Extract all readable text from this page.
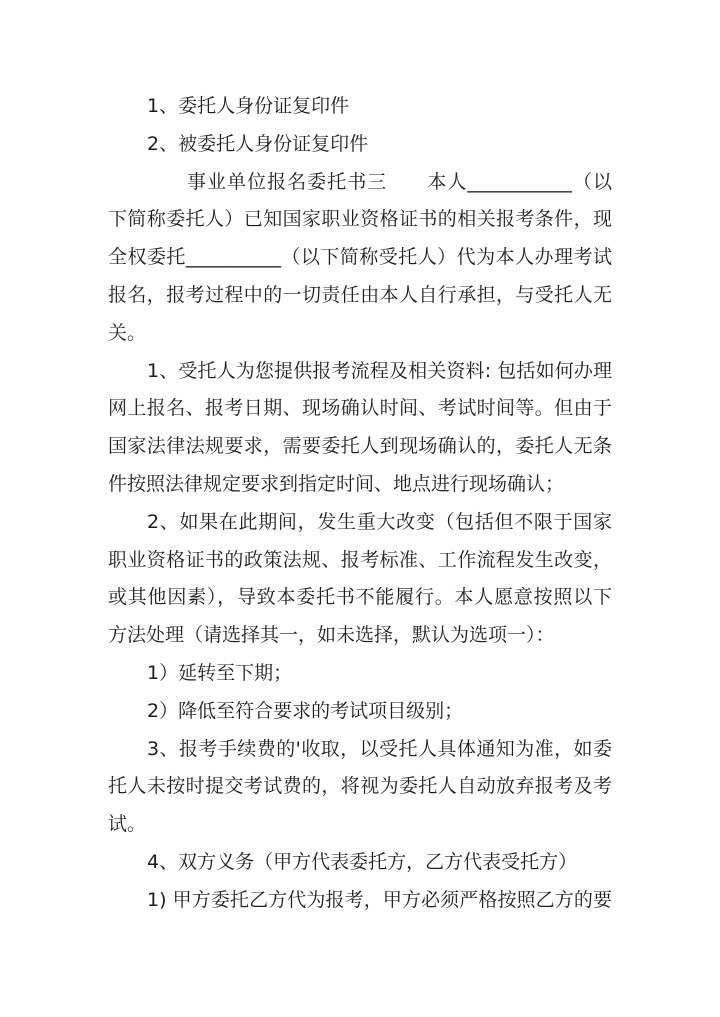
1、委托人身份证复印件
2、被委托人身份证复印件
事业单位报名委托书三　　本人___________（以
下简称委托人）已知国家职业资格证书的相关报考条件，现
全权委托__________（以下简称受托人）代为本人办理考试
报名，报考过程中的一切责任由本人自行承担，与受托人无
关。
1、受托人为您提供报考流程及相关资料: 包括如何办理
网上报名、报考日期、现场确认时间、考试时间等。但由于
国家法律法规要求，需要委托人到现场确认的，委托人无条
件按照法律规定要求到指定时间、地点进行现场确认；
2、如果在此期间，发生重大改变（包括但不限于国家
职业资格证书的政策法规、报考标准、工作流程发生改变，
或其他因素），导致本委托书不能履行。本人愿意按照以下
方法处理（请选择其一，如未选择，默认为选项一）：
1）延转至下期；
2）降低至符合要求的考试项目级别；
3、报考手续费的'收取，以受托人具体通知为准，如委
托人未按时提交考试费的，将视为委托人自动放弃报考及考
试。
4、双方义务（甲方代表委托方，乙方代表受托方）
1) 甲方委托乙方代为报考，甲方必须严格按照乙方的要
